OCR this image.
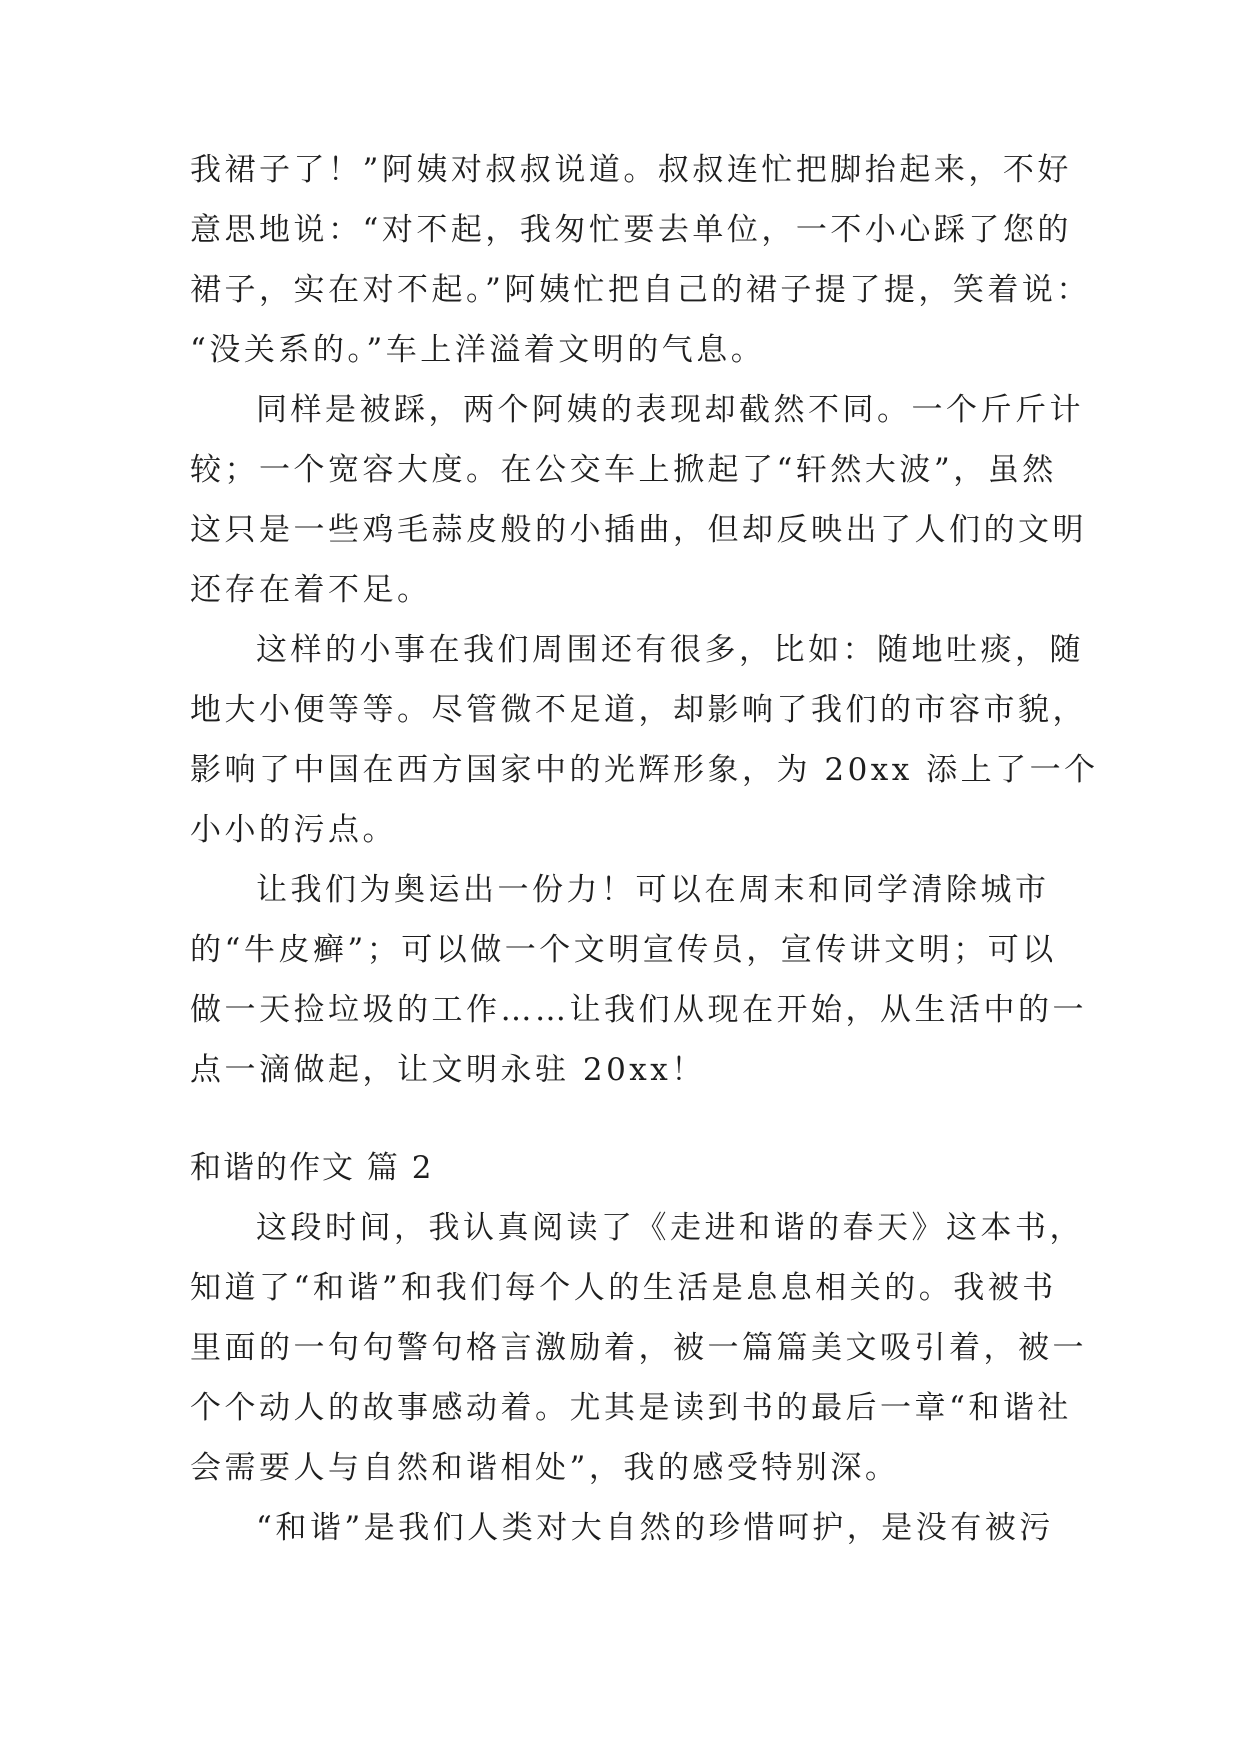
我裙子了！”阿姨对叔叔说道。叔叔连忙把脚抬起来，不好
意思地说：“对不起，我匆忙要去单位，一不小心踩了您的
裙子，实在对不起。”阿姨忙把自己的裙子提了提，笑着说：
“没关系的。”车上洋溢着文明的气息。
同样是被踩，两个阿姨的表现却截然不同。一个斤斤计
较；一个宽容大度。在公交车上掀起了“轩然大波”，虽然
这只是一些鸡毛蒜皮般的小插曲，但却反映出了人们的文明
还存在着不足。
这样的小事在我们周围还有很多，比如：随地吐痰，随
地大小便等等。尽管微不足道，却影响了我们的市容市貌，
影响了中国在西方国家中的光辉形象，为 20xx 添上了一个
小小的污点。
让我们为奥运出一份力！可以在周末和同学清除城市
的“牛皮癣”；可以做一个文明宣传员，宣传讲文明；可以
做一天捡垃圾的工作……让我们从现在开始，从生活中的一
点一滴做起，让文明永驻 20xx！
和谐的作文 篇 2
这段时间，我认真阅读了《走进和谐的春天》这本书，
知道了“和谐”和我们每个人的生活是息息相关的。我被书
里面的一句句警句格言激励着，被一篇篇美文吸引着，被一
个个动人的故事感动着。尤其是读到书的最后一章“和谐社
会需要人与自然和谐相处”，我的感受特别深。
“和谐”是我们人类对大自然的珍惜呵护，是没有被污
